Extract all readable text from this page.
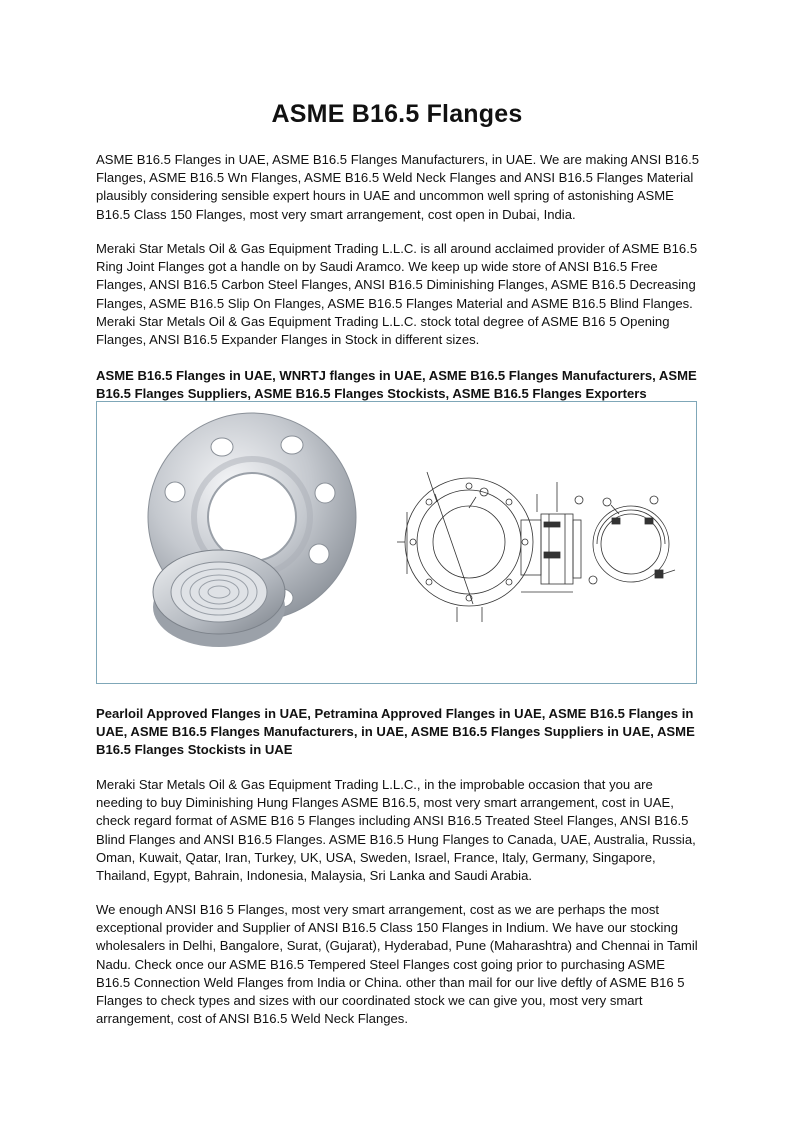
ASME B16.5 Flanges

ASME B16.5 Flanges in UAE, ASME B16.5 Flanges Manufacturers, in UAE. We are making ANSI B16.5 Flanges, ASME B16.5 Wn Flanges, ASME B16.5 Weld Neck Flanges and ANSI B16.5 Flanges Material plausibly considering sensible expert hours in UAE and uncommon well spring of astonishing ASME B16.5 Class 150 Flanges, most very smart arrangement, cost open in Dubai, India.

Meraki Star Metals Oil & Gas Equipment Trading L.L.C. is all around acclaimed provider of ASME B16.5 Ring Joint Flanges got a handle on by Saudi Aramco. We keep up wide store of ANSI B16.5 Free Flanges, ANSI B16.5 Carbon Steel Flanges, ANSI B16.5 Diminishing Flanges, ASME B16.5 Decreasing Flanges, ASME B16.5 Slip On Flanges, ASME B16.5 Flanges Material and ASME B16.5 Blind Flanges. Meraki Star Metals Oil & Gas Equipment Trading L.L.C. stock total degree of ASME B16 5 Opening Flanges, ANSI B16.5 Expander Flanges in Stock in different sizes.

ASME B16.5 Flanges in UAE, WNRTJ flanges in UAE, ASME B16.5 Flanges Manufacturers, ASME B16.5 Flanges Suppliers, ASME B16.5 Flanges Stockists, ASME B16.5 Flanges Exporters

Pearloil Approved Flanges in UAE, Petramina Approved Flanges in UAE, ASME B16.5 Flanges in UAE, ASME B16.5 Flanges Manufacturers, in UAE, ASME B16.5 Flanges Suppliers in UAE, ASME B16.5 Flanges Stockists in UAE

Meraki Star Metals Oil & Gas Equipment Trading L.L.C., in the improbable occasion that you are needing to buy Diminishing Hung Flanges ASME B16.5, most very smart arrangement, cost in UAE, check regard format of ASME B16 5 Flanges including ANSI B16.5 Treated Steel Flanges, ANSI B16.5 Blind Flanges and ANSI B16.5 Flanges. ASME B16.5 Hung Flanges to Canada, UAE, Australia, Russia, Oman, Kuwait, Qatar, Iran, Turkey, UK, USA, Sweden, Israel, France, Italy, Germany, Singapore, Thailand, Egypt, Bahrain, Indonesia, Malaysia, Sri Lanka and Saudi Arabia.

We enough ANSI B16 5 Flanges, most very smart arrangement, cost as we are perhaps the most exceptional provider and Supplier of ANSI B16.5 Class 150 Flanges in Indium. We have our stocking wholesalers in Delhi, Bangalore, Surat, (Gujarat), Hyderabad, Pune (Maharashtra) and Chennai in Tamil Nadu. Check once our ASME B16.5 Tempered Steel Flanges cost going prior to purchasing ASME B16.5 Connection Weld Flanges from India or China. other than mail for our live deftly of ASME B16 5 Flanges to check types and sizes with our coordinated stock we can give you, most very smart arrangement, cost of ANSI B16.5 Weld Neck Flanges.
